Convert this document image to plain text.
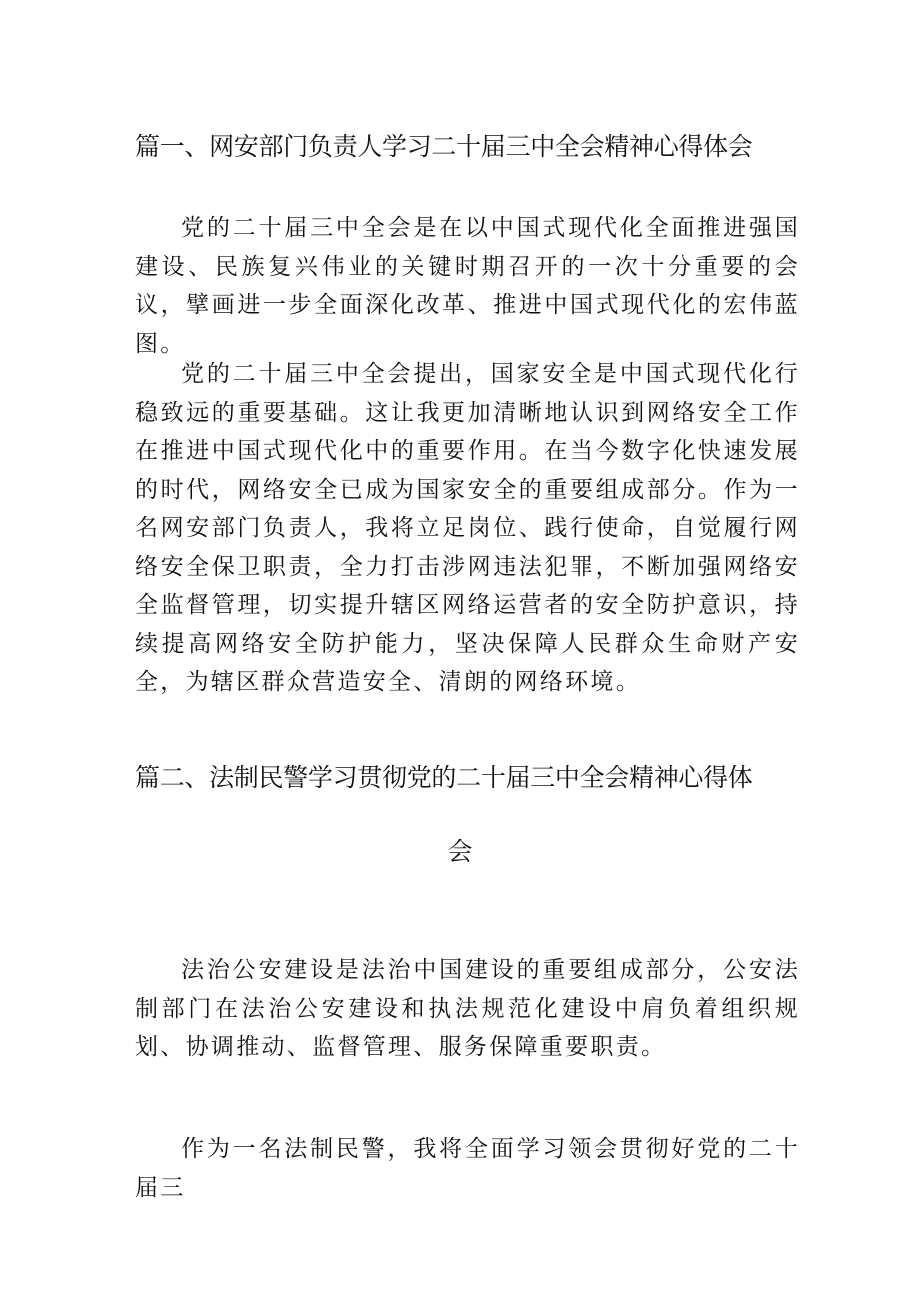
篇一、网安部门负责人学习二十届三中全会精神心得体会

党的二十届三中全会是在以中国式现代化全面推进强国建设、民族复兴伟业的关键时期召开的一次十分重要的会议，擘画进一步全面深化改革、推进中国式现代化的宏伟蓝图。

党的二十届三中全会提出，国家安全是中国式现代化行稳致远的重要基础。这让我更加清晰地认识到网络安全工作在推进中国式现代化中的重要作用。在当今数字化快速发展的时代，网络安全已成为国家安全的重要组成部分。作为一名网安部门负责人，我将立足岗位、践行使命，自觉履行网络安全保卫职责，全力打击涉网违法犯罪，不断加强网络安全监督管理，切实提升辖区网络运营者的安全防护意识，持续提高网络安全防护能力，坚决保障人民群众生命财产安全，为辖区群众营造安全、清朗的网络环境。

篇二、法制民警学习贯彻党的二十届三中全会精神心得体
会

法治公安建设是法治中国建设的重要组成部分，公安法制部门在法治公安建设和执法规范化建设中肩负着组织规划、协调推动、监督管理、服务保障重要职责。

作为一名法制民警，我将全面学习领会贯彻好党的二十届三
